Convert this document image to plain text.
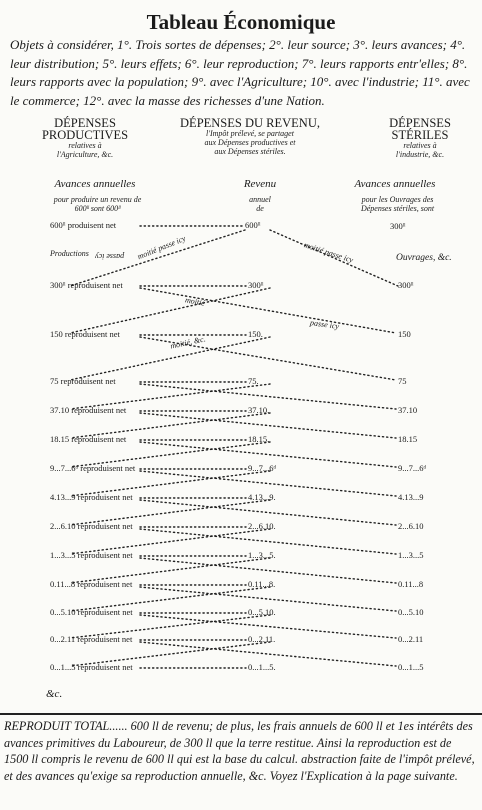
Tableau Économique
Objets à considérer, 1°. Trois sortes de dépenses; 2°. leur source; 3°. leurs avances; 4°. leur distribution; 5°. leurs effets; 6°. leur reproduction; 7°. leurs rapports entr'elles; 8°. leurs rapports avec la population; 9°. avec l'Agriculture; 10°. avec l'industrie; 11°. avec le commerce; 12°. avec la masse des richesses d'une Nation.
DÉPENSES
PRODUCTIVES
relatives à
l'Agriculture, &c.
DÉPENSES DU REVENU,
l'Impôt prélevé, se partaget
aux Dépenses productives et
aux Dépenses stériles.
DÉPENSES
STÉRILES
relatives à
l'industrie, &c.
Avances annuelles
pour produire un revenu de
600ˡˡ sont 600ˡˡ
Revenu
annuel
de
Avances annuelles
pour les Ouvrages des
Dépenses stériles, sont
300ˡˡ
600ˡˡ produisent net	600ˡˡ
Productions	Ouvrages, &c.
moitié passe icy	moitié passe icy
passe icy
moitié
passe icy
moitié, &c.
300ˡˡ reproduisent net	300ˡˡ	300ˡˡ
150 reproduisent net	150.	150
75 reproduisent net	75.	75
37.10 reproduisent net	37.10.	37.10
18.15 reproduisent net	18.15.	18.15
9...7...6ᵈ reproduisent net	9...7...6ᵈ	9...7...6ᵈ
4.13...9 reproduisent net	4.13...9.	4.13...9
2...6.10 reproduisent net	2...6.10.	2...6.10
1...3...5 reproduisent net	1...3...5.	1...3...5
0.11...8 reproduisent net	0.11...8.	0.11...8
0...5.10 reproduisent net	0...5.10.	0...5.10
0...2.11 reproduisent net	0...2.11.	0...2.11
0...1...5 reproduisent net	0...1...5.	0...1...5
&c.
REPRODUIT TOTAL...... 600 ll de revenu; de plus, les frais annuels de 600 ll et 1es intérêts des avances primitives du Laboureur, de 300 ll que la terre restitue. Ainsi la reproduction est de 1500 ll compris le revenu de 600 ll qui est la base du calcul. abstraction faite de l'impôt prélevé, et des avances qu'exige sa reproduction annuelle, &c. Voyez l'Explication à la page suivante.
